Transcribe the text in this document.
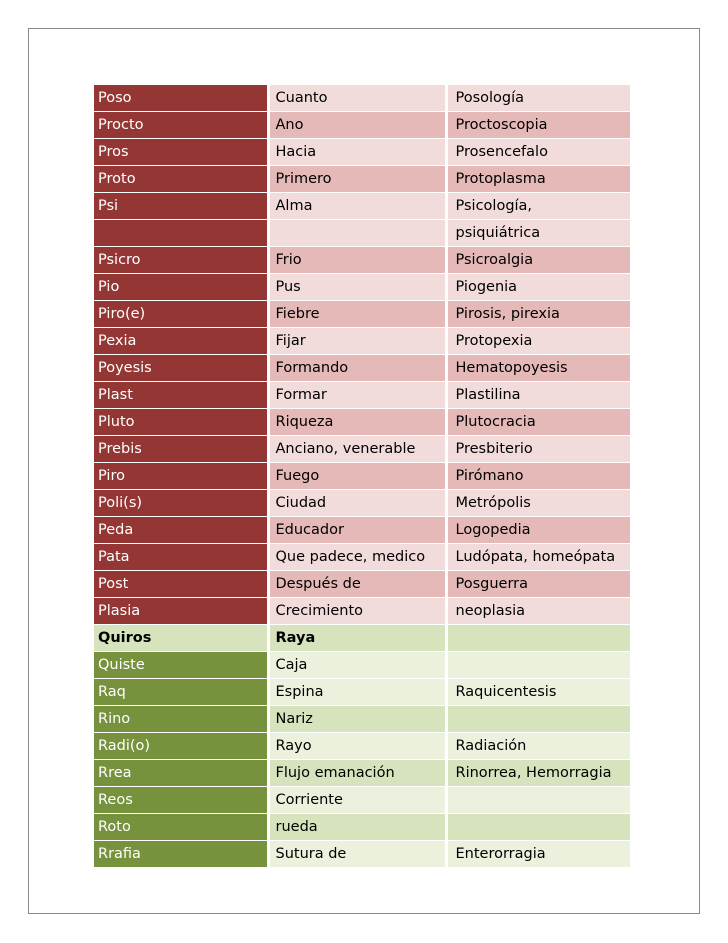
Poso	Cuanto	Posología
Procto	Ano	Proctoscopia
Pros	Hacia	Prosencefalo
Proto	Primero	Protoplasma
Psi	Alma	Psicología,
		psiquiátrica
Psicro	Frio	Psicroalgia
Pio	Pus	Piogenia
Piro(e)	Fiebre	Pirosis, pirexia
Pexia	Fijar	Protopexia
Poyesis	Formando	Hematopoyesis
Plast	Formar	Plastilina
Pluto	Riqueza	Plutocracia
Prebis	Anciano, venerable	Presbiterio
Piro	Fuego	Pirómano
Poli(s)	Ciudad	Metrópolis
Peda	Educador	Logopedia
Pata	Que padece, medico	Ludópata, homeópata
Post	Después de	Posguerra
Plasia	Crecimiento	neoplasia
Quiros	Raya	
Quiste	Caja	
Raq	Espina	Raquicentesis
Rino	Nariz	
Radi(o)	Rayo	Radiación
Rrea	Flujo emanación	Rinorrea, Hemorragia
Reos	Corriente	
Roto	rueda	
Rrafia	Sutura de	Enterorragia
